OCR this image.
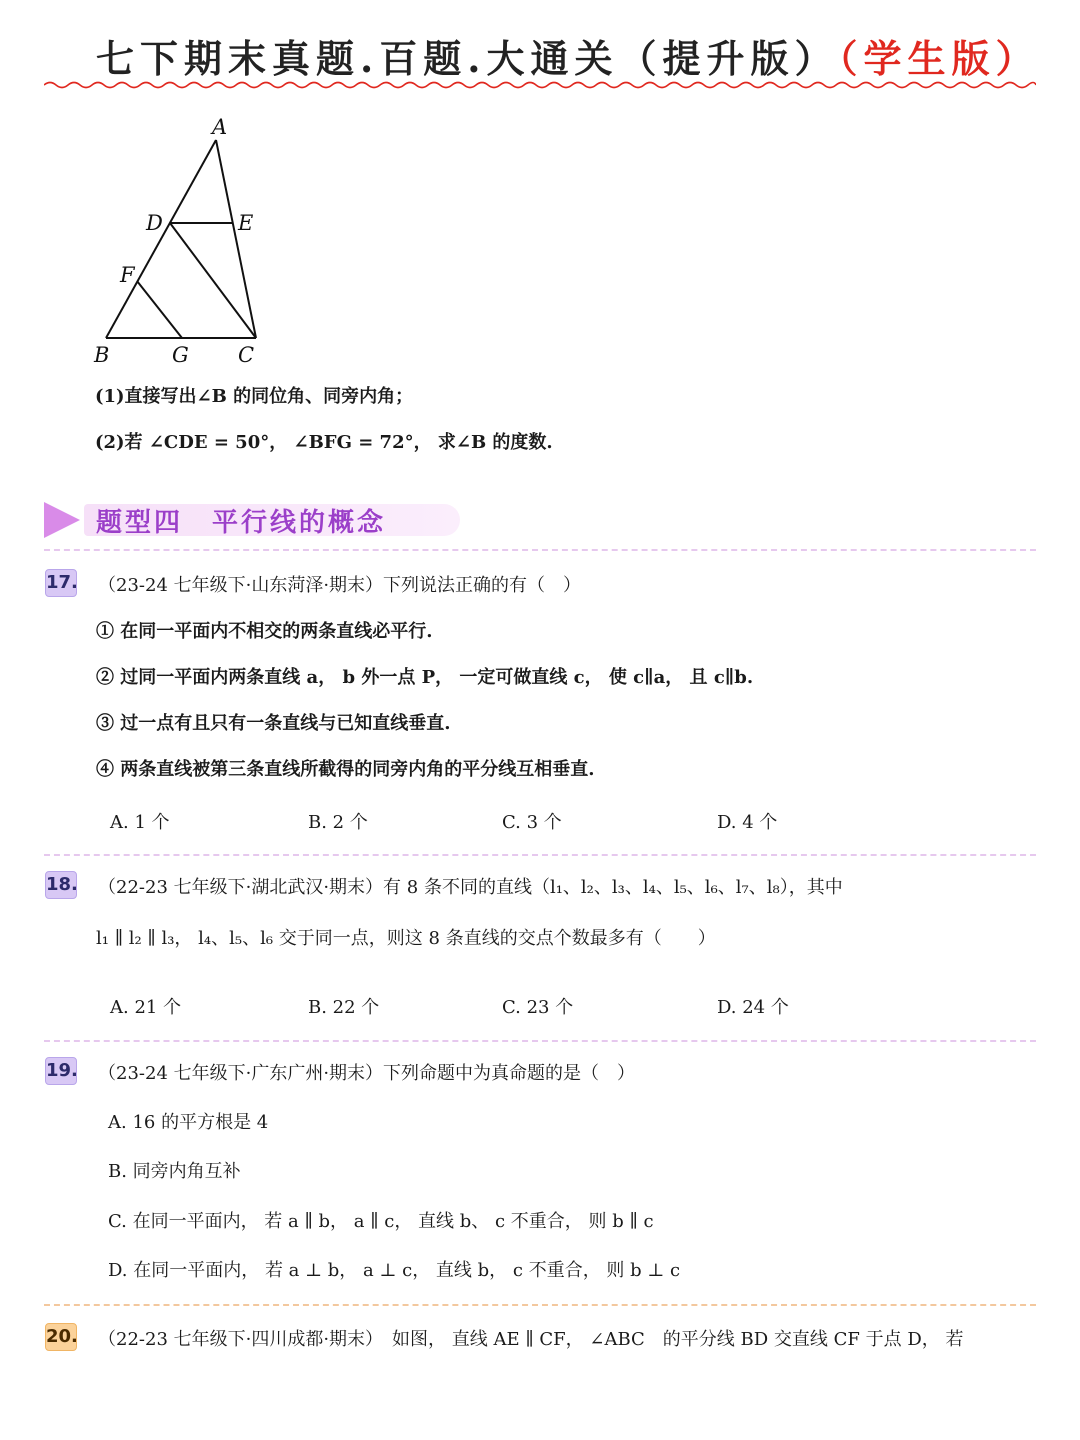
七下期末真题.百题.大通关（提升版）（学生版）
A
D	E
F
B	G C
(1)直接写出∠B 的同位角、同旁内角；
(2)若 ∠CDE = 50°， ∠BFG = 72°， 求∠B 的度数.
题型四　平行线的概念
17. （23-24 七年级下·山东菏泽·期末）下列说法正确的有（　）
① 在同一平面内不相交的两条直线必平行.
② 过同一平面内两条直线 a， b 外一点 P， 一定可做直线 c， 使 c∥a， 且 c∥b.
③ 过一点有且只有一条直线与已知直线垂直.
④ 两条直线被第三条直线所截得的同旁内角的平分线互相垂直.
A. 1 个	B. 2 个	C. 3 个	D. 4 个
18. （22-23 七年级下·湖北武汉·期末）有 8 条不同的直线（l₁、l₂、l₃、l₄、l₅、l₆、l₇、l₈），其中
l₁ ∥ l₂ ∥ l₃， l₄、l₅、l₆ 交于同一点，则这 8 条直线的交点个数最多有（　　）
A. 21 个	B. 22 个	C. 23 个	D. 24 个
19. （23-24 七年级下·广东广州·期末）下列命题中为真命题的是（　）
A. 16 的平方根是 4
B. 同旁内角互补
C. 在同一平面内， 若 a ∥ b， a ∥ c， 直线 b、 c 不重合， 则 b ∥ c
D. 在同一平面内， 若 a ⊥ b， a ⊥ c， 直线 b， c 不重合， 则 b ⊥ c
20. （22-23 七年级下·四川成都·期末）　如图， 直线 AE ∥ CF， ∠ABC　的平分线 BD 交直线 CF 于点 D， 若
